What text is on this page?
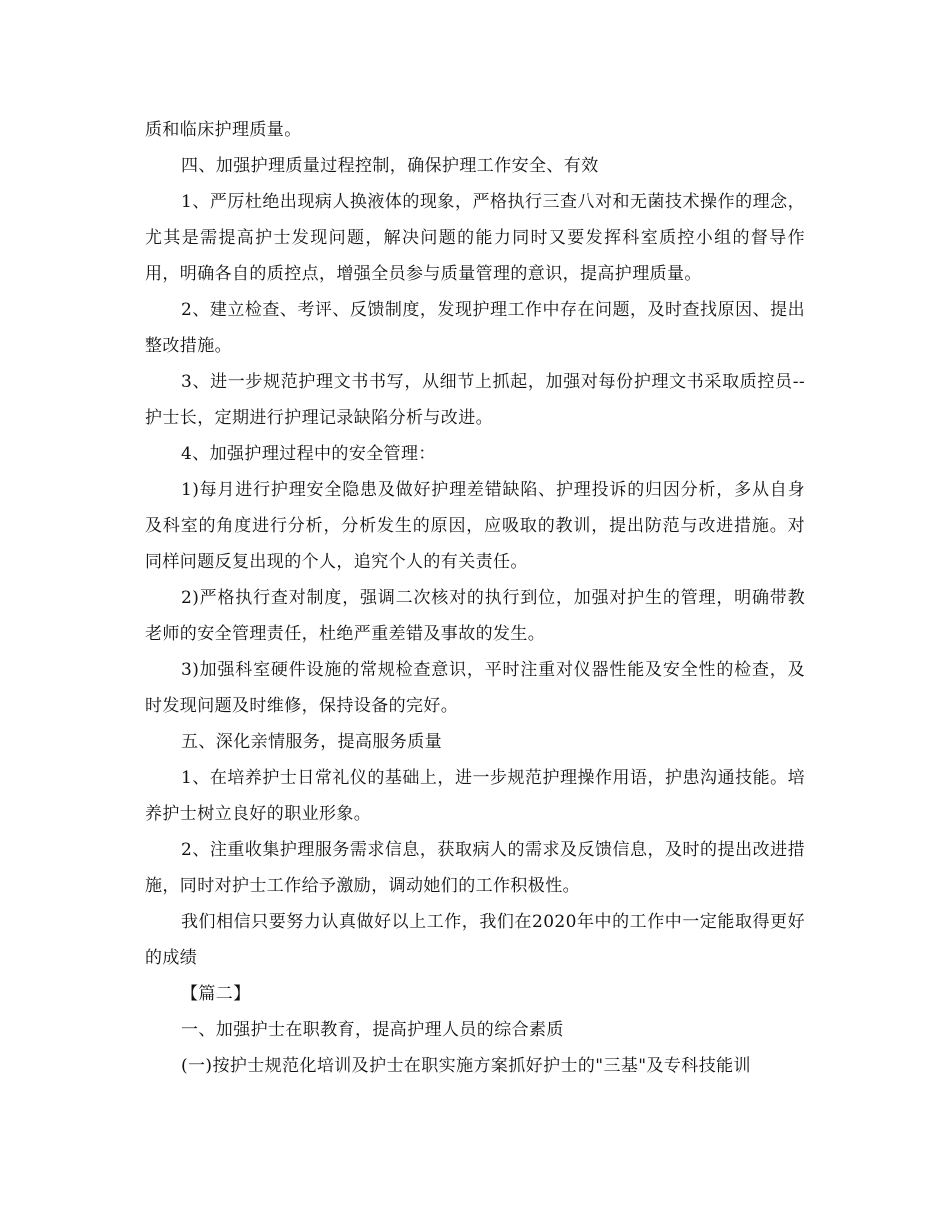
质和临床护理质量。

四、加强护理质量过程控制，确保护理工作安全、有效

1、严厉杜绝出现病人换液体的现象，严格执行三查八对和无菌技术操作的理念，尤其是需提高护士发现问题，解决问题的能力同时又要发挥科室质控小组的督导作用，明确各自的质控点，增强全员参与质量管理的意识，提高护理质量。

2、建立检查、考评、反馈制度，发现护理工作中存在问题，及时查找原因、提出整改措施。

3、进一步规范护理文书书写，从细节上抓起，加强对每份护理文书采取质控员--护士长，定期进行护理记录缺陷分析与改进。

4、加强护理过程中的安全管理：

1)每月进行护理安全隐患及做好护理差错缺陷、护理投诉的归因分析，多从自身及科室的角度进行分析，分析发生的原因，应吸取的教训，提出防范与改进措施。对同样问题反复出现的个人，追究个人的有关责任。

2)严格执行查对制度，强调二次核对的执行到位，加强对护生的管理，明确带教老师的安全管理责任，杜绝严重差错及事故的发生。

3)加强科室硬件设施的常规检查意识，平时注重对仪器性能及安全性的检查，及时发现问题及时维修，保持设备的完好。

五、深化亲情服务，提高服务质量

1、在培养护士日常礼仪的基础上，进一步规范护理操作用语，护患沟通技能。培养护士树立良好的职业形象。

2、注重收集护理服务需求信息，获取病人的需求及反馈信息，及时的提出改进措施，同时对护士工作给予激励，调动她们的工作积极性。

我们相信只要努力认真做好以上工作，我们在2020年中的工作中一定能取得更好的成绩

【篇二】

一、加强护士在职教育，提高护理人员的综合素质

(一)按护士规范化培训及护士在职实施方案抓好护士的"三基"及专科技能训
